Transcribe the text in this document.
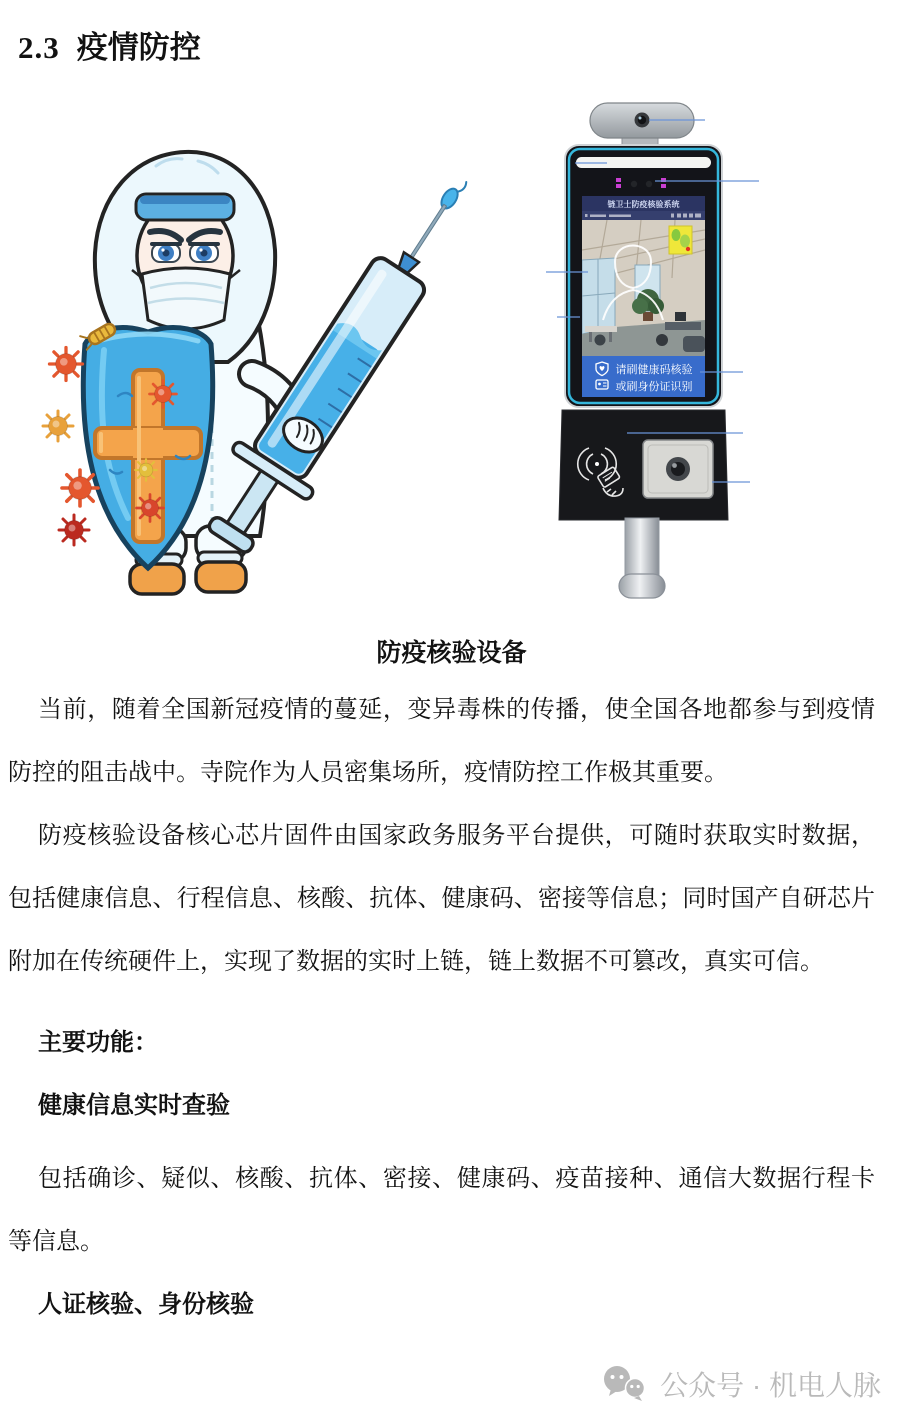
2.3 疫情防控
链卫士防疫核验系统
请刷健康码核验
或刷身份证识别
防疫核验设备

当前，随着全国新冠疫情的蔓延，变异毒株的传播，使全国各地都参与到疫情防控的阻击战中。寺院作为人员密集场所，疫情防控工作极其重要。

防疫核验设备核心芯片固件由国家政务服务平台提供，可随时获取实时数据，包括健康信息、行程信息、核酸、抗体、健康码、密接等信息；同时国产自研芯片附加在传统硬件上，实现了数据的实时上链，链上数据不可篡改，真实可信。

主要功能：

健康信息实时查验

包括确诊、疑似、核酸、抗体、密接、健康码、疫苗接种、通信大数据行程卡等信息。

人证核验、身份核验

公众号 · 机电人脉
